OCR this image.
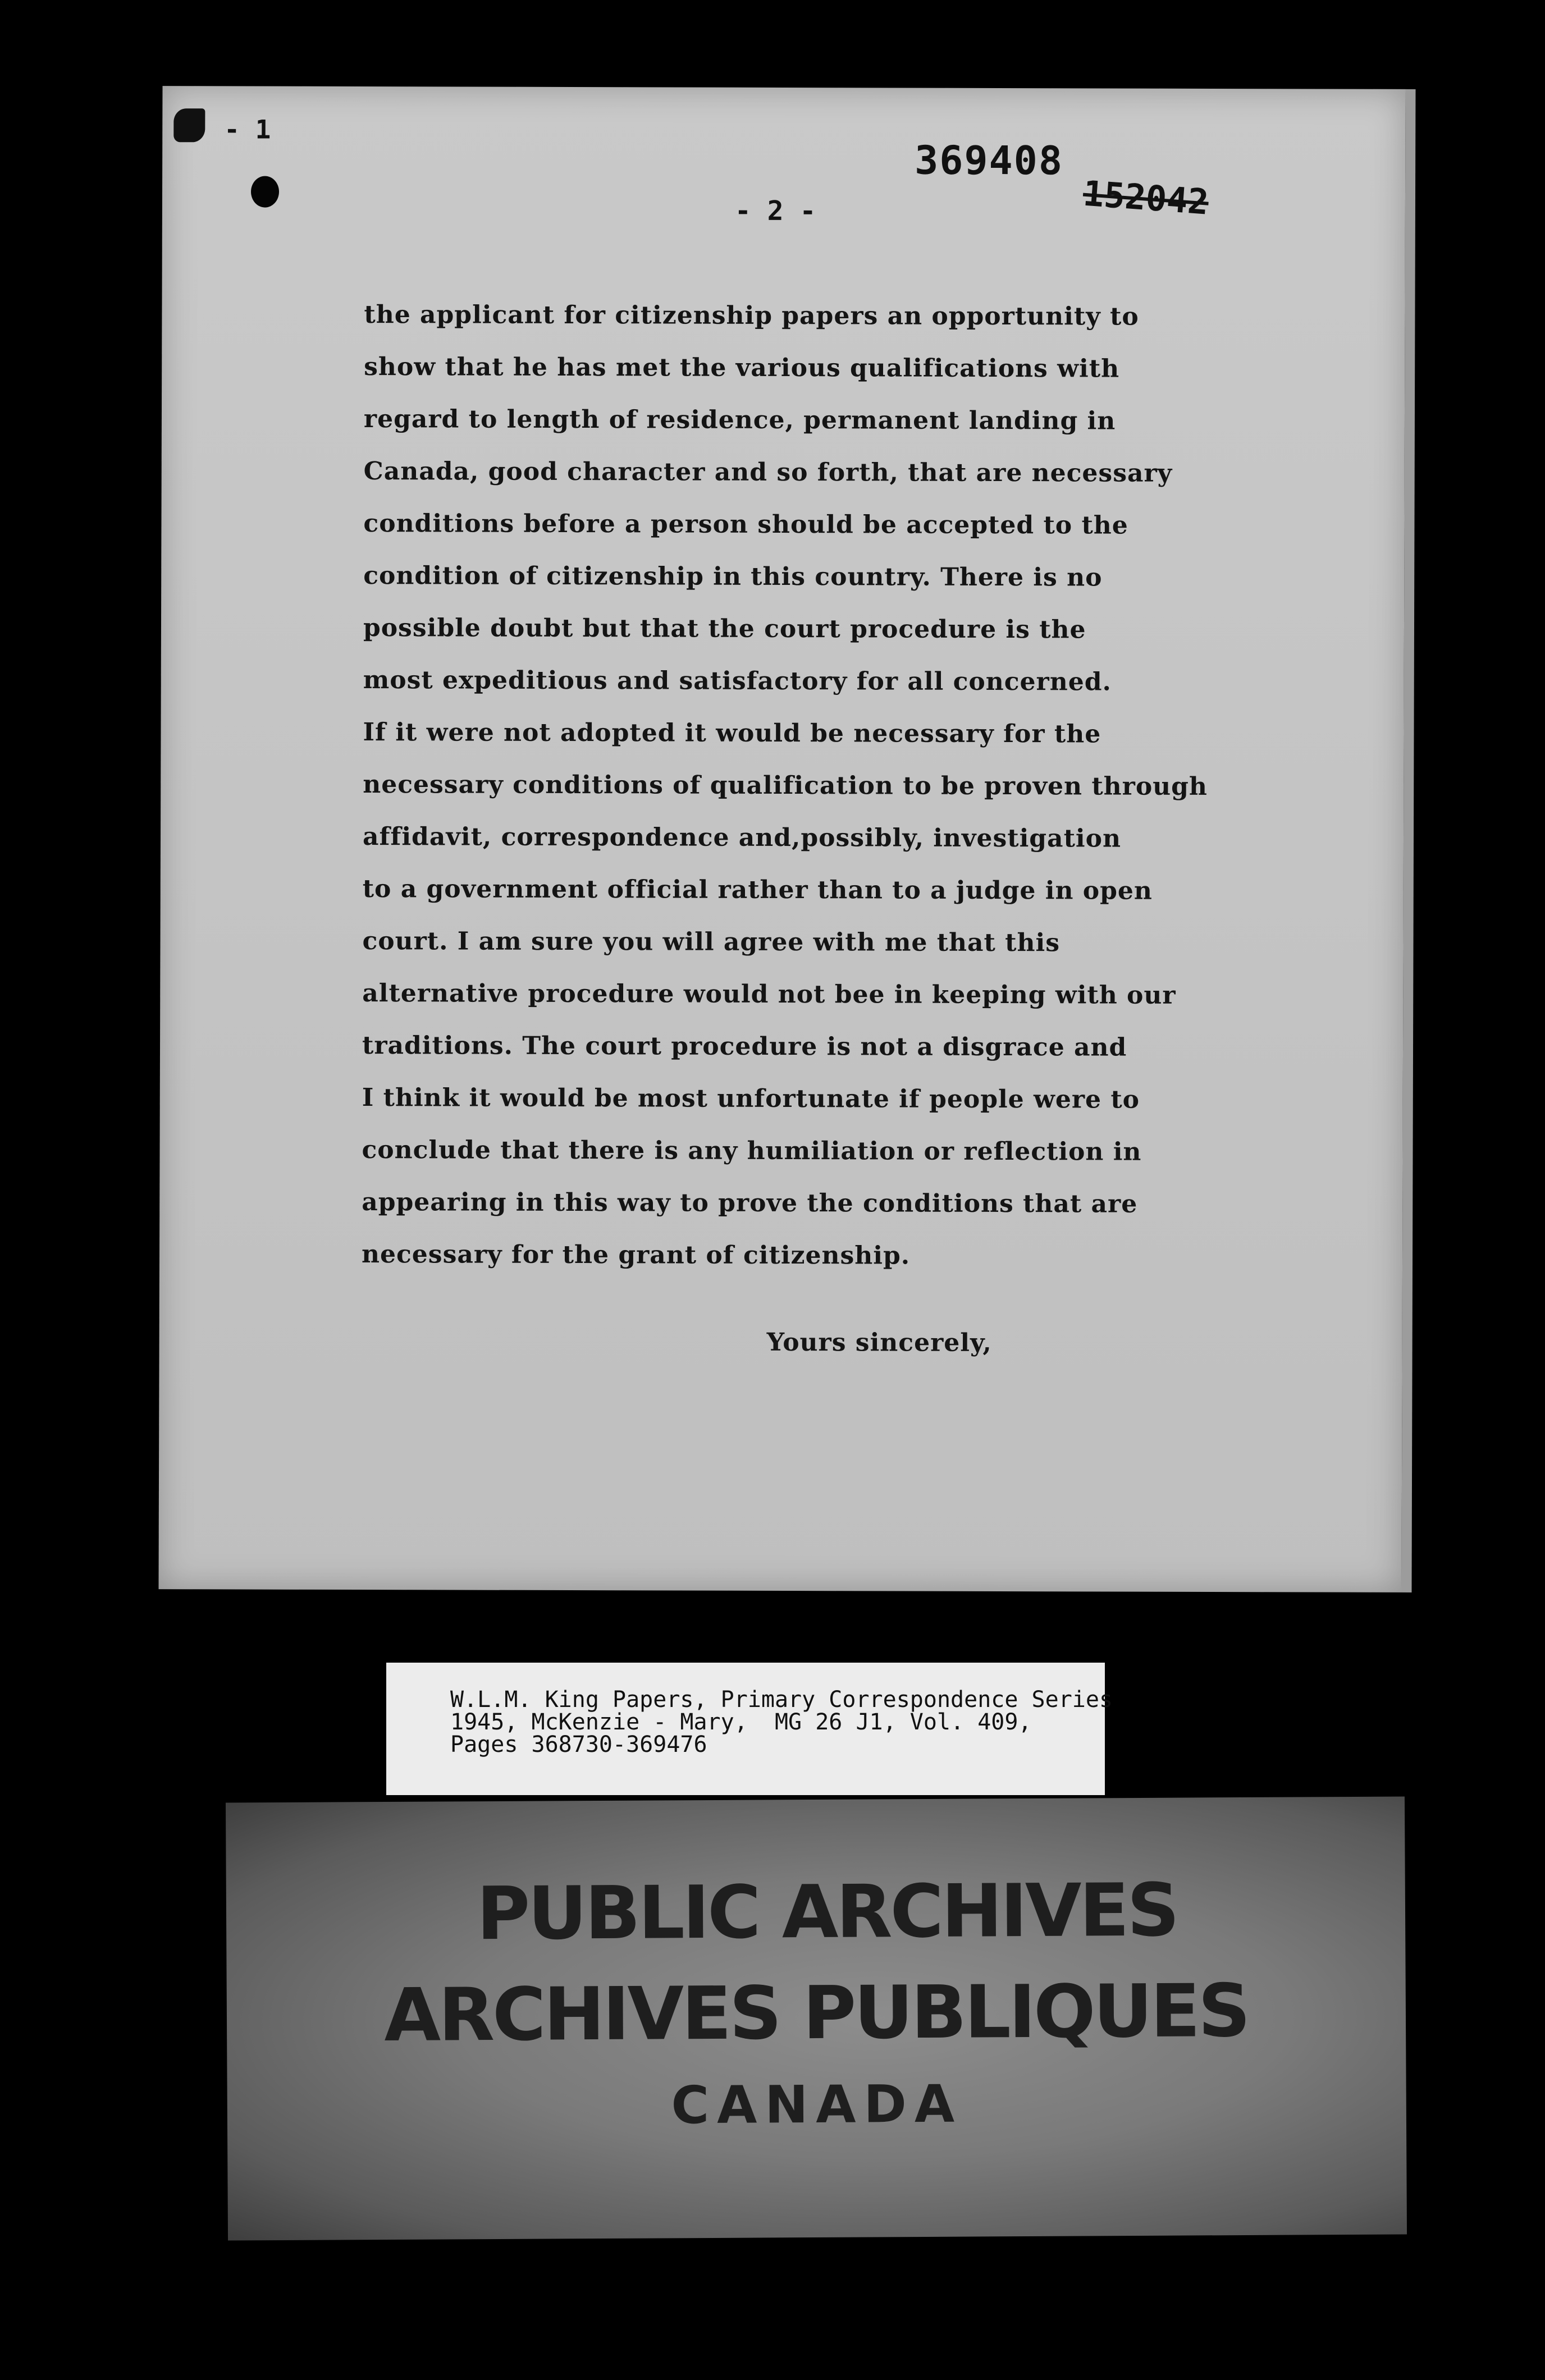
- 1
369408
152042
- 2 -
the applicant for citizenship papers an opportunity to
show that he has met the various qualifications with
regard to length of residence, permanent landing in
Canada, good character and so forth, that are necessary
conditions before a person should be accepted to the
condition of citizenship in this country. There is no
possible doubt but that the court procedure is the
most expeditious and satisfactory for all concerned.
If it were not adopted it would be necessary for the
necessary conditions of qualification to be proven through
affidavit, correspondence and,possibly, investigation
to a government official rather than to a judge in open
court. I am sure you will agree with me that this
alternative procedure would not bee in keeping with our
traditions. The court procedure is not a disgrace and
I think it would be most unfortunate if people were to
conclude that there is any humiliation or reflection in
appearing in this way to prove the conditions that are
necessary for the grant of citizenship.
Yours sincerely,
W.L.M. King Papers, Primary Correspondence Series
1945, McKenzie - Mary,  MG 26 J1, Vol. 409,
Pages 368730-369476
PUBLIC ARCHIVES
ARCHIVES PUBLIQUES
CANADA
